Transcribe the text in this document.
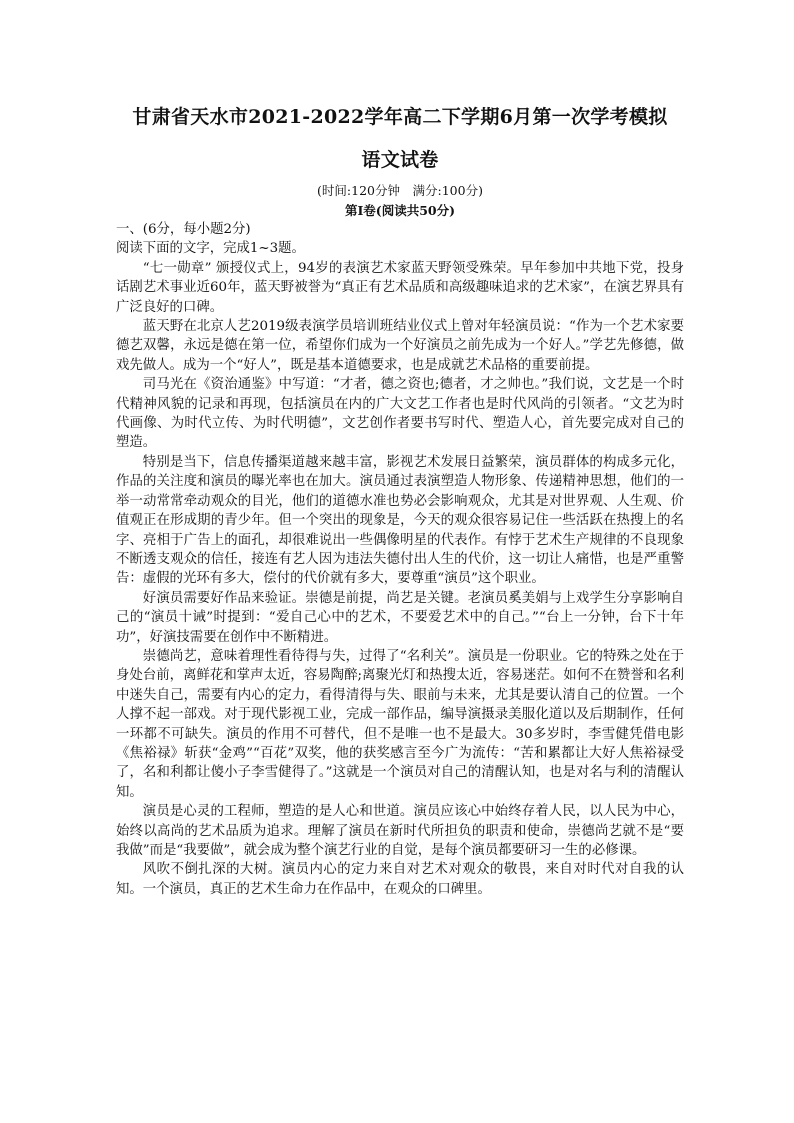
甘肃省天水市2021-2022学年高二下学期6月第一次学考模拟
语文试卷
(时间:120分钟　满分:100分)
第Ⅰ卷(阅读共50分)

一、(6分，每小题2分)

阅读下面的文字，完成1~3题。

“七一勋章” 颁授仪式上，94岁的表演艺术家蓝天野领受殊荣。早年参加中共地下党，投身话剧艺术事业近60年，蓝天野被誉为“真正有艺术品质和高级趣味追求的艺术家”，在演艺界具有广泛良好的口碑。

蓝天野在北京人艺2019级表演学员培训班结业仪式上曾对年轻演员说：“作为一个艺术家要德艺双馨，永远是德在第一位，希望你们成为一个好演员之前先成为一个好人。”学艺先修德，做戏先做人。成为一个“好人”，既是基本道德要求，也是成就艺术品格的重要前提。

司马光在《资治通鉴》中写道：“才者，德之资也;德者，才之帅也。”我们说，文艺是一个时代精神风貌的记录和再现，包括演员在内的广大文艺工作者也是时代风尚的引领者。“文艺为时代画像、为时代立传、为时代明德”，文艺创作者要书写时代、塑造人心，首先要完成对自己的塑造。

特别是当下，信息传播渠道越来越丰富，影视艺术发展日益繁荣，演员群体的构成多元化，作品的关注度和演员的曝光率也在加大。演员通过表演塑造人物形象、传递精神思想，他们的一举一动常常牵动观众的目光，他们的道德水准也势必会影响观众，尤其是对世界观、人生观、价值观正在形成期的青少年。但一个突出的现象是，今天的观众很容易记住一些活跃在热搜上的名字、亮相于广告上的面孔，却很难说出一些偶像明星的代表作。有悖于艺术生产规律的不良现象不断透支观众的信任，接连有艺人因为违法失德付出人生的代价，这一切让人痛惜，也是严重警告：虚假的光环有多大，偿付的代价就有多大，要尊重“演员”这个职业。

好演员需要好作品来验证。崇德是前提，尚艺是关键。老演员奚美娟与上戏学生分享影响自己的“演员十诫”时提到：“爱自己心中的艺术，不要爱艺术中的自己。”“台上一分钟，台下十年功”，好演技需要在创作中不断精进。

崇德尚艺，意味着理性看待得与失，过得了“名利关”。演员是一份职业。它的特殊之处在于身处台前，离鲜花和掌声太近，容易陶醉;离聚光灯和热搜太近，容易迷茫。如何不在赞誉和名利中迷失自己，需要有内心的定力，看得清得与失、眼前与未来，尤其是要认清自己的位置。一个人撑不起一部戏。对于现代影视工业，完成一部作品，编导演摄录美服化道以及后期制作，任何一环都不可缺失。演员的作用不可替代，但不是唯一也不是最大。30多岁时，李雪健凭借电影《焦裕禄》斩获“金鸡”“百花”双奖，他的获奖感言至今广为流传：“苦和累都让大好人焦裕禄受了，名和利都让傻小子李雪健得了。”这就是一个演员对自己的清醒认知，也是对名与利的清醒认知。

演员是心灵的工程师，塑造的是人心和世道。演员应该心中始终存着人民，以人民为中心，始终以高尚的艺术品质为追求。理解了演员在新时代所担负的职责和使命，崇德尚艺就不是“要我做”而是“我要做”，就会成为整个演艺行业的自觉，是每个演员都要研习一生的必修课。

风吹不倒扎深的大树。演员内心的定力来自对艺术对观众的敬畏，来自对时代对自我的认知。一个演员，真正的艺术生命力在作品中，在观众的口碑里。
